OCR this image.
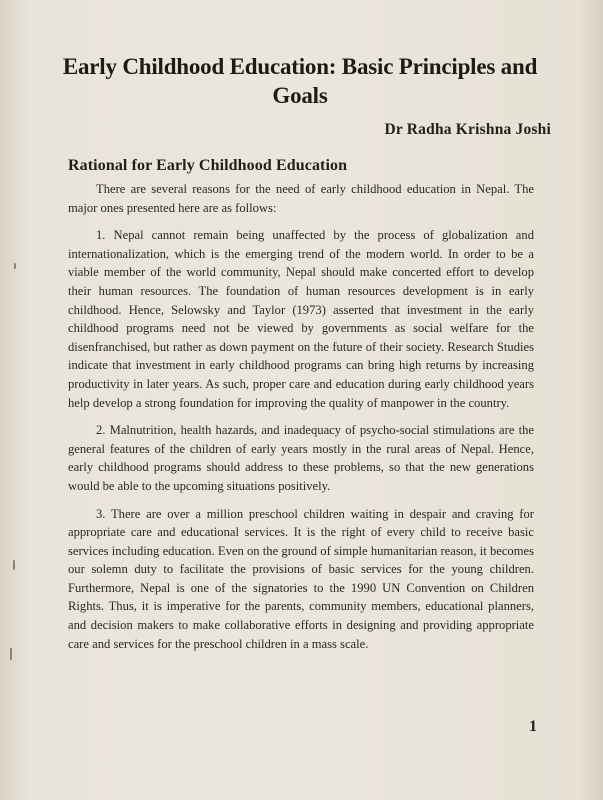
Early Childhood Education: Basic Principles and Goals
Dr Radha Krishna Joshi
Rational for Early Childhood Education

There are several reasons for the need of early childhood education in Nepal. The major ones presented here are as follows:

1. Nepal cannot remain being unaffected by the process of globalization and internationalization, which is the emerging trend of the modern world. In order to be a viable member of the world community, Nepal should make concerted effort to develop their human resources. The foundation of human resources development is in early childhood. Hence, Selowsky and Taylor (1973) asserted that investment in the early childhood programs need not be viewed by governments as social welfare for the disenfranchised, but rather as down payment on the future of their society. Research Studies indicate that investment in early childhood programs can bring high returns by increasing productivity in later years. As such, proper care and education during early childhood years help develop a strong foundation for improving the quality of manpower in the country.

2. Malnutrition, health hazards, and inadequacy of psycho-social stimulations are the general features of the children of early years mostly in the rural areas of Nepal. Hence, early childhood programs should address to these problems, so that the new generations would be able to the upcoming situations positively.

3. There are over a million preschool children waiting in despair and craving for appropriate care and educational services. It is the right of every child to receive basic services including education. Even on the ground of simple humanitarian reason, it becomes our solemn duty to facilitate the provisions of basic services for the young children. Furthermore, Nepal is one of the signatories to the 1990 UN Convention on Children Rights. Thus, it is imperative for the parents, community members, educational planners, and decision makers to make collaborative efforts in designing and providing appropriate care and services for the preschool children in a mass scale.

1
